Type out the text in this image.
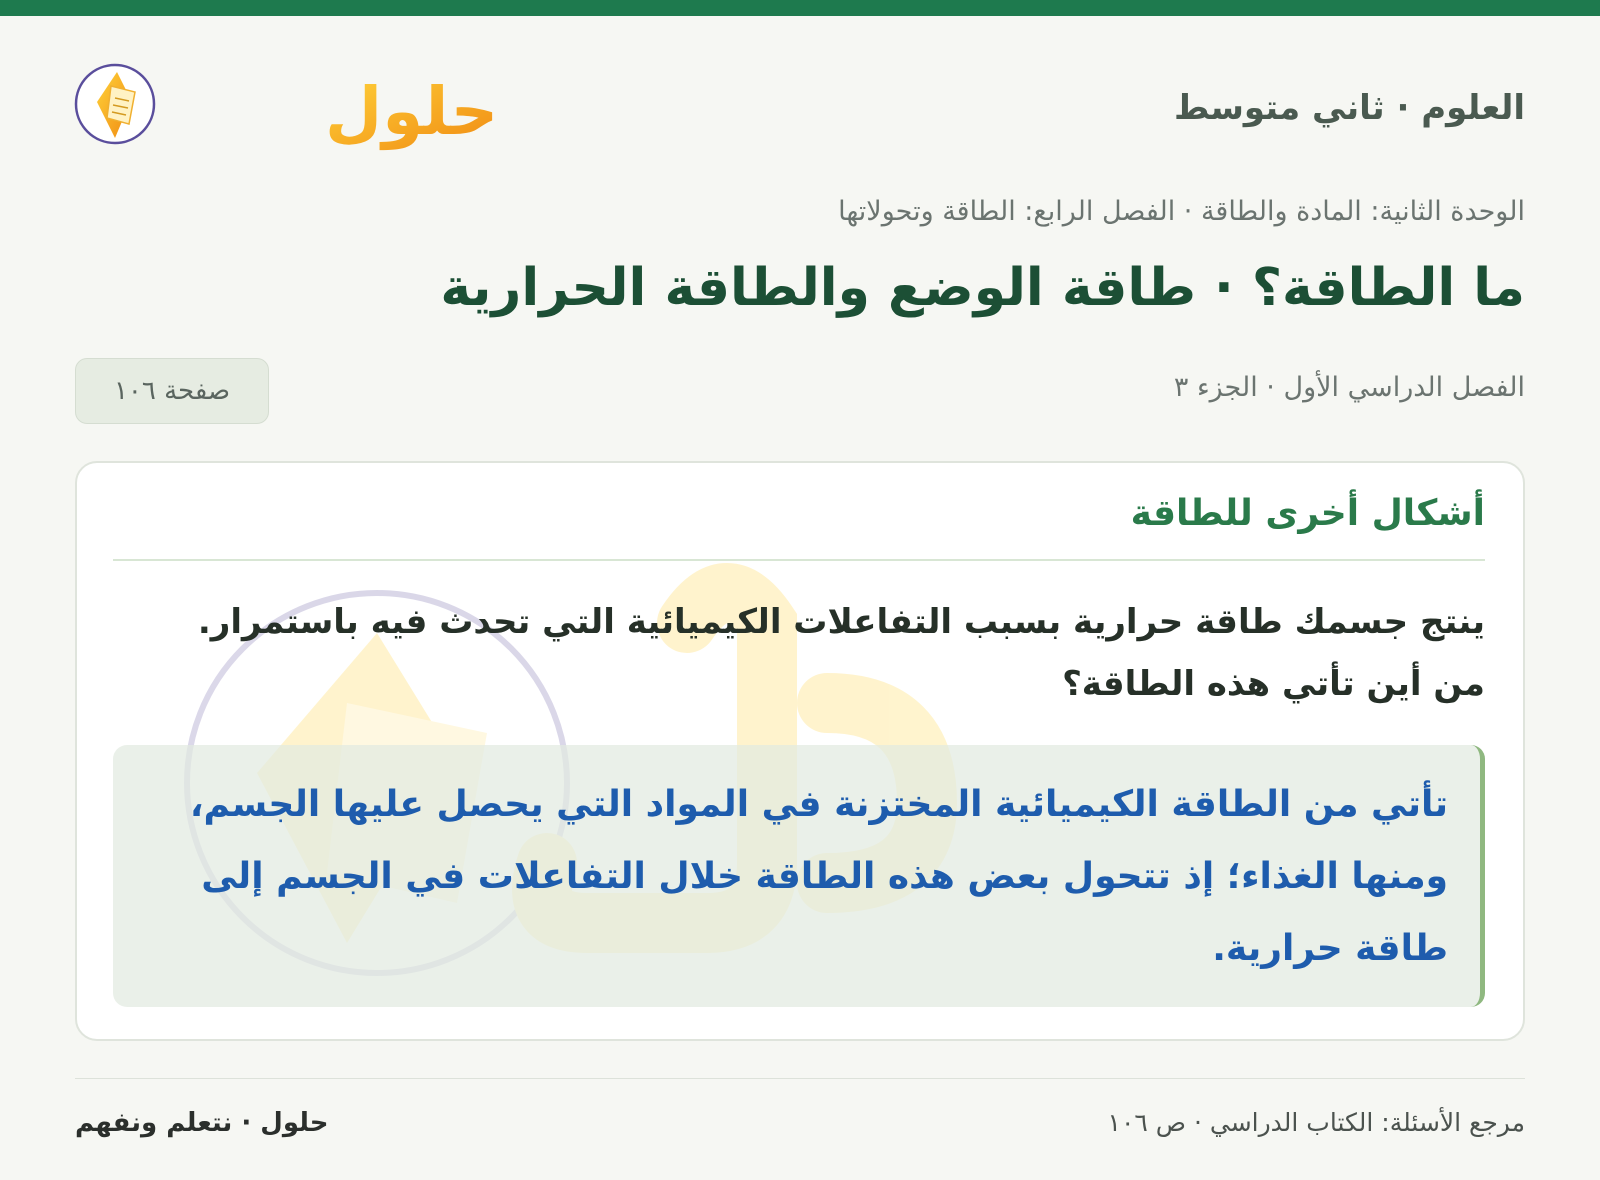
العلوم · ثاني متوسط
حلول
الوحدة الثانية: المادة والطاقة · الفصل الرابع: الطاقة وتحولاتها
ما الطاقة؟ · طاقة الوضع والطاقة الحرارية
الفصل الدراسي الأول · الجزء ٣
صفحة ١٠٦
أشكال أخرى للطاقة
ينتج جسمك طاقة حرارية بسبب التفاعلات الكيميائية التي تحدث فيه باستمرار. من أين تأتي هذه الطاقة؟
تأتي من الطاقة الكيميائية المختزنة في المواد التي يحصل عليها الجسم، ومنها الغذاء؛ إذ تتحول بعض هذه الطاقة خلال التفاعلات في الجسم إلى طاقة حرارية.
مرجع الأسئلة: الكتاب الدراسي · ص ١٠٦
حلول · نتعلم ونفهم
